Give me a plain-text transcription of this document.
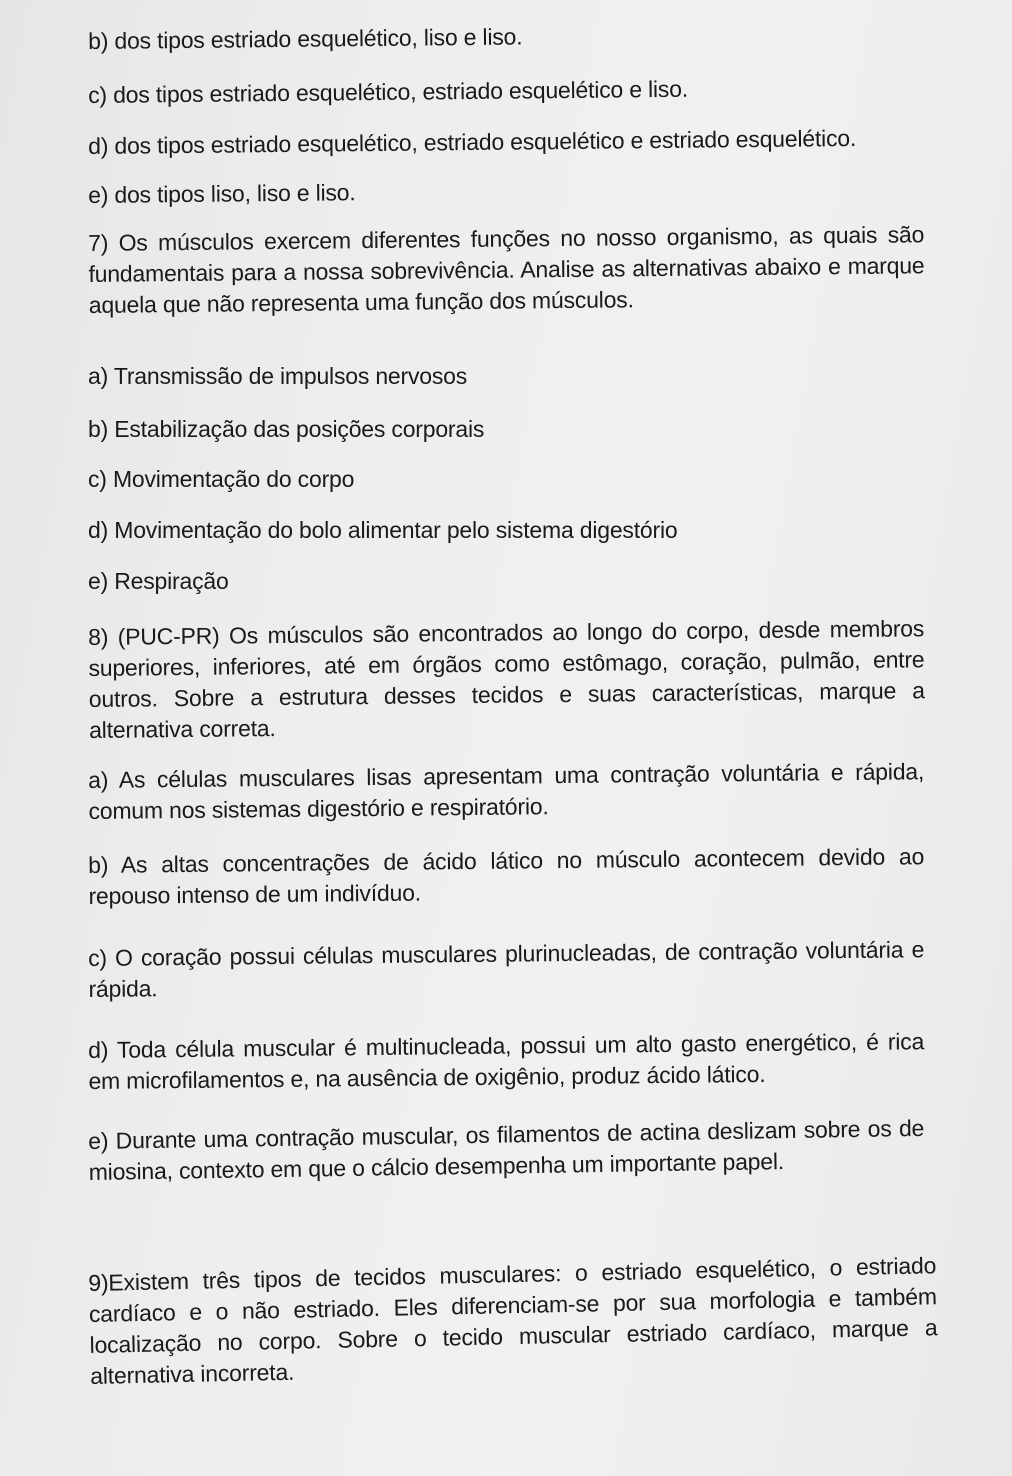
b) dos tipos estriado esquelético, liso e liso.
c) dos tipos estriado esquelético, estriado esquelético e liso.
d) dos tipos estriado esquelético, estriado esquelético e estriado esquelético.
e) dos tipos liso, liso e liso.
7) Os músculos exercem diferentes funções no nosso organismo, as quais são fundamentais para a nossa sobrevivência. Analise as alternativas abaixo e marque aquela que não representa uma função dos músculos.
a) Transmissão de impulsos nervosos
b) Estabilização das posições corporais
c) Movimentação do corpo
d) Movimentação do bolo alimentar pelo sistema digestório
e) Respiração
8) (PUC-PR) Os músculos são encontrados ao longo do corpo, desde membros superiores, inferiores, até em órgãos como estômago, coração, pulmão, entre outros. Sobre a estrutura desses tecidos e suas características, marque a alternativa correta.
a) As células musculares lisas apresentam uma contração voluntária e rápida, comum nos sistemas digestório e respiratório.
b) As altas concentrações de ácido lático no músculo acontecem devido ao repouso intenso de um indivíduo.
c) O coração possui células musculares plurinucleadas, de contração voluntária e rápida.
d) Toda célula muscular é multinucleada, possui um alto gasto energético, é rica em microfilamentos e, na ausência de oxigênio, produz ácido lático.
e) Durante uma contração muscular, os filamentos de actina deslizam sobre os de miosina, contexto em que o cálcio desempenha um importante papel.
9)Existem três tipos de tecidos musculares: o estriado esquelético, o estriado cardíaco e o não estriado. Eles diferenciam-se por sua morfologia e também localização no corpo. Sobre o tecido muscular estriado cardíaco, marque a alternativa incorreta.
